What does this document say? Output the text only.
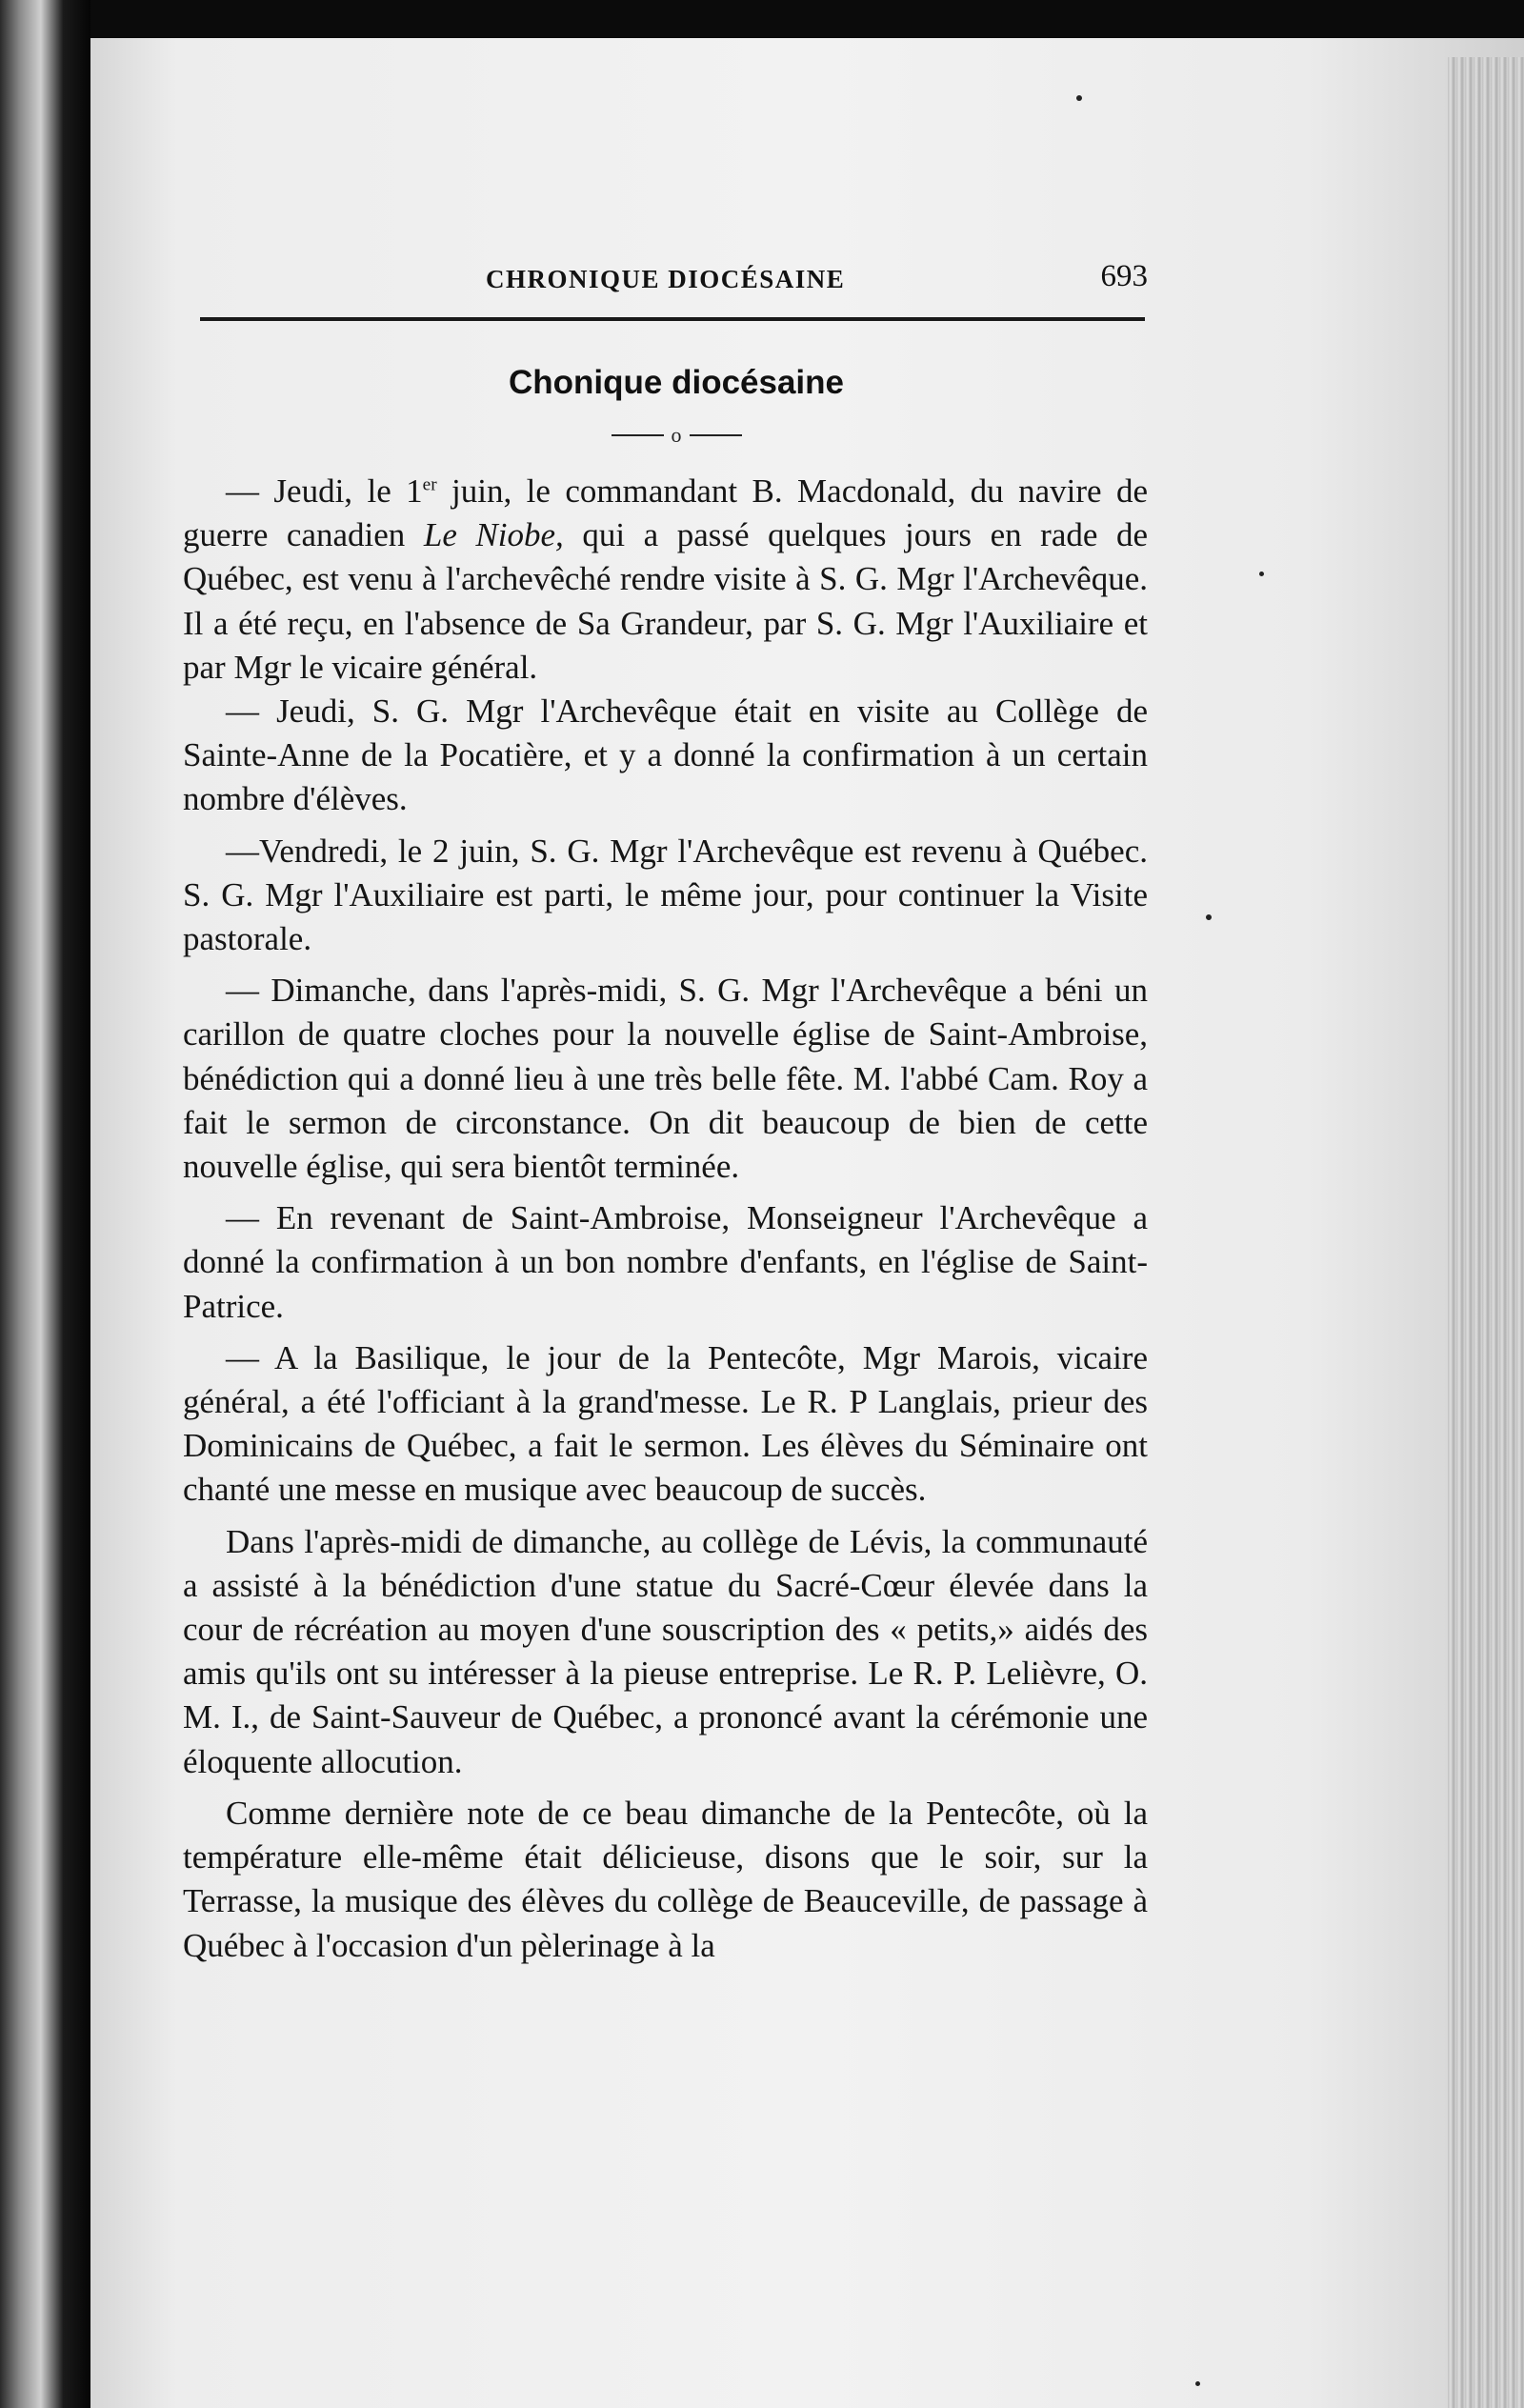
CHRONIQUE DIOCÉSAINE	693
Chonique diocésaine
o

— Jeudi, le 1er juin, le commandant B. Macdonald, du navire de guerre canadien Le Niobe, qui a passé quelques jours en rade de Québec, est venu à l'archevêché rendre visite à S. G. Mgr l'Archevêque. Il a été reçu, en l'absence de Sa Grandeur, par S. G. Mgr l'Auxiliaire et par Mgr le vicaire général.

— Jeudi, S. G. Mgr l'Archevêque était en visite au Collège de Sainte-Anne de la Pocatière, et y a donné la confirmation à un certain nombre d'élèves.

—Vendredi, le 2 juin, S. G. Mgr l'Archevêque est revenu à Québec. S. G. Mgr l'Auxiliaire est parti, le même jour, pour continuer la Visite pastorale.

— Dimanche, dans l'après-midi, S. G. Mgr l'Archevêque a béni un carillon de quatre cloches pour la nouvelle église de Saint-Ambroise, bénédiction qui a donné lieu à une très belle fête. M. l'abbé Cam. Roy a fait le sermon de circonstance. On dit beaucoup de bien de cette nouvelle église, qui sera bientôt terminée.

— En revenant de Saint-Ambroise, Monseigneur l'Archevêque a donné la confirmation à un bon nombre d'enfants, en l'église de Saint-Patrice.

— A la Basilique, le jour de la Pentecôte, Mgr Marois, vicaire général, a été l'officiant à la grand'messe. Le R. P Langlais, prieur des Dominicains de Québec, a fait le sermon. Les élèves du Séminaire ont chanté une messe en musique avec beaucoup de succès.

Dans l'après-midi de dimanche, au collège de Lévis, la communauté a assisté à la bénédiction d'une statue du Sacré-Cœur élevée dans la cour de récréation au moyen d'une souscription des « petits,» aidés des amis qu'ils ont su intéresser à la pieuse entreprise. Le R. P. Lelièvre, O. M. I., de Saint-Sauveur de Québec, a prononcé avant la cérémonie une éloquente allocution.

Comme dernière note de ce beau dimanche de la Pentecôte, où la température elle-même était délicieuse, disons que le soir, sur la Terrasse, la musique des élèves du collège de Beauceville, de passage à Québec à l'occasion d'un pèlerinage à la
